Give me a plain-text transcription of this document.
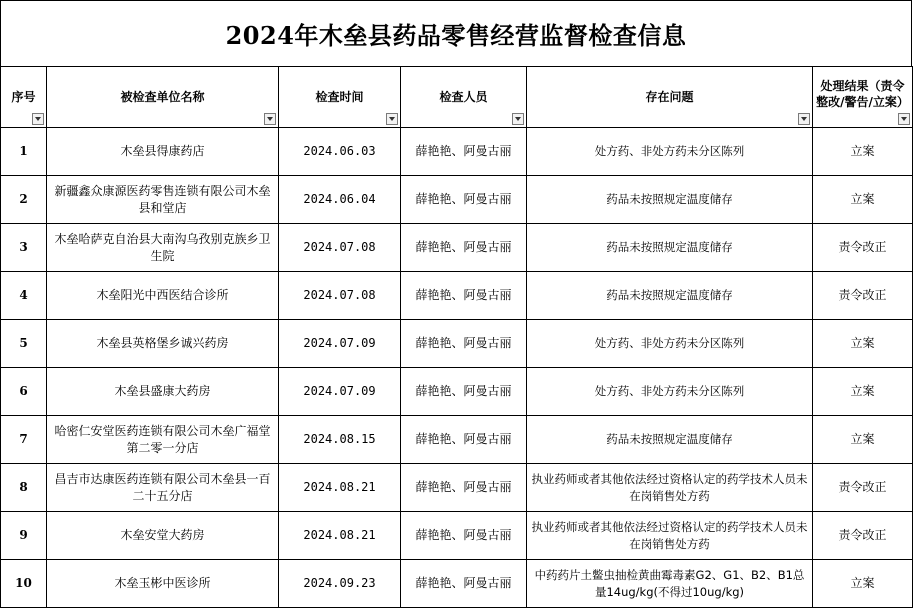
2024年木垒县药品零售经营监督检查信息
序号	被检查单位名称	检查时间	检查人员	存在问题	处理结果（责令整改/警告/立案）

1	木垒县得康药店	2024.06.03	薛艳艳、阿曼古丽	处方药、非处方药未分区陈列	立案
2	新疆鑫众康源医药零售连锁有限公司木垒县和堂店	2024.06.04	薛艳艳、阿曼古丽	药品未按照规定温度储存	立案
3	木垒哈萨克自治县大南沟乌孜别克族乡卫生院	2024.07.08	薛艳艳、阿曼古丽	药品未按照规定温度储存	责令改正
4	木垒阳光中西医结合诊所	2024.07.08	薛艳艳、阿曼古丽	药品未按照规定温度储存	责令改正
5	木垒县英格堡乡诚兴药房	2024.07.09	薛艳艳、阿曼古丽	处方药、非处方药未分区陈列	立案
6	木垒县盛康大药房	2024.07.09	薛艳艳、阿曼古丽	处方药、非处方药未分区陈列	立案
7	哈密仁安堂医药连锁有限公司木垒广福堂第二零一分店	2024.08.15	薛艳艳、阿曼古丽	药品未按照规定温度储存	立案
8	昌吉市达康医药连锁有限公司木垒县一百二十五分店	2024.08.21	薛艳艳、阿曼古丽	执业药师或者其他依法经过资格认定的药学技术人员未在岗销售处方药	责令改正
9	木垒安堂大药房	2024.08.21	薛艳艳、阿曼古丽	执业药师或者其他依法经过资格认定的药学技术人员未在岗销售处方药	责令改正
10	木垒玉彬中医诊所	2024.09.23	薛艳艳、阿曼古丽	中药药片土鳖虫抽检黄曲霉毒素G2、G1、B2、B1总量14ug/kg(不得过10ug/kg)	立案
